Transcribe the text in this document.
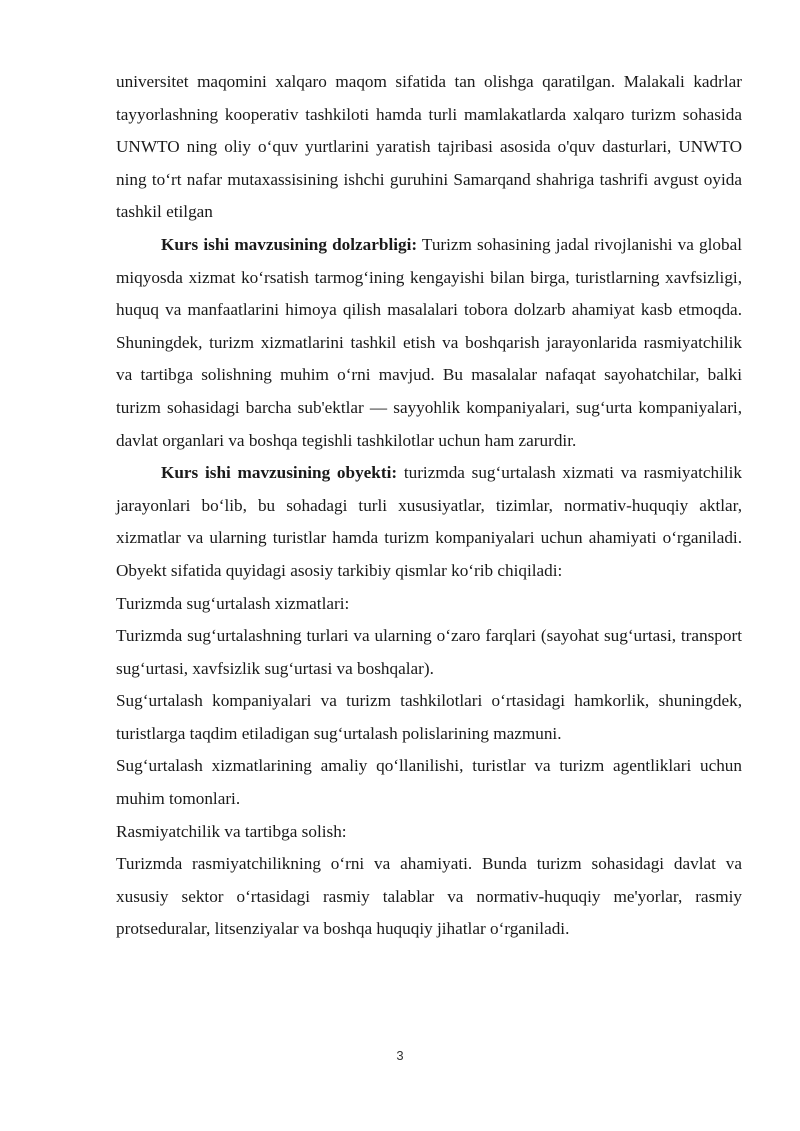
universitet maqomini xalqaro maqom sifatida tan olishga qaratilgan. Malakali kadrlar tayyorlashning kooperativ tashkiloti hamda turli mamlakatlarda xalqaro turizm sohasida UNWTO ning oliy o‘quv yurtlarini yaratish tajribasi asosida o'quv dasturlari, UNWTO ning to‘rt nafar mutaxassisining ishchi guruhini Samarqand shahriga tashrifi avgust oyida tashkil etilgan

Kurs ishi mavzusining dolzarbligi: Turizm sohasining jadal rivojlanishi va global miqyosda xizmat ko‘rsatish tarmog‘ining kengayishi bilan birga, turistlarning xavfsizligi, huquq va manfaatlarini himoya qilish masalalari tobora dolzarb ahamiyat kasb etmoqda. Shuningdek, turizm xizmatlarini tashkil etish va boshqarish jarayonlarida rasmiyatchilik va tartibga solishning muhim o‘rni mavjud. Bu masalalar nafaqat sayohatchilar, balki turizm sohasidagi barcha sub'ektlar — sayyohlik kompaniyalari, sug‘urta kompaniyalari, davlat organlari va boshqa tegishli tashkilotlar uchun ham zarurdir.

Kurs ishi mavzusining obyekti: turizmda sug‘urtalash xizmati va rasmiyatchilik jarayonlari bo‘lib, bu sohadagi turli xususiyatlar, tizimlar, normativ-huquqiy aktlar, xizmatlar va ularning turistlar hamda turizm kompaniyalari uchun ahamiyati o‘rganiladi. Obyekt sifatida quyidagi asosiy tarkibiy qismlar ko‘rib chiqiladi:

Turizmda sug‘urtalash xizmatlari:

Turizmda sug‘urtalashning turlari va ularning o‘zaro farqlari (sayohat sug‘urtasi, transport sug‘urtasi, xavfsizlik sug‘urtasi va boshqalar).

Sug‘urtalash kompaniyalari va turizm tashkilotlari o‘rtasidagi hamkorlik, shuningdek, turistlarga taqdim etiladigan sug‘urtalash polislarining mazmuni.

Sug‘urtalash xizmatlarining amaliy qo‘llanilishi, turistlar va turizm agentliklari uchun muhim tomonlari.

Rasmiyatchilik va tartibga solish:

Turizmda rasmiyatchilikning o‘rni va ahamiyati. Bunda turizm sohasidagi davlat va xususiy sektor o‘rtasidagi rasmiy talablar va normativ-huquqiy me'yorlar, rasmiy protseduralar, litsenziyalar va boshqa huquqiy jihatlar o‘rganiladi.

3
